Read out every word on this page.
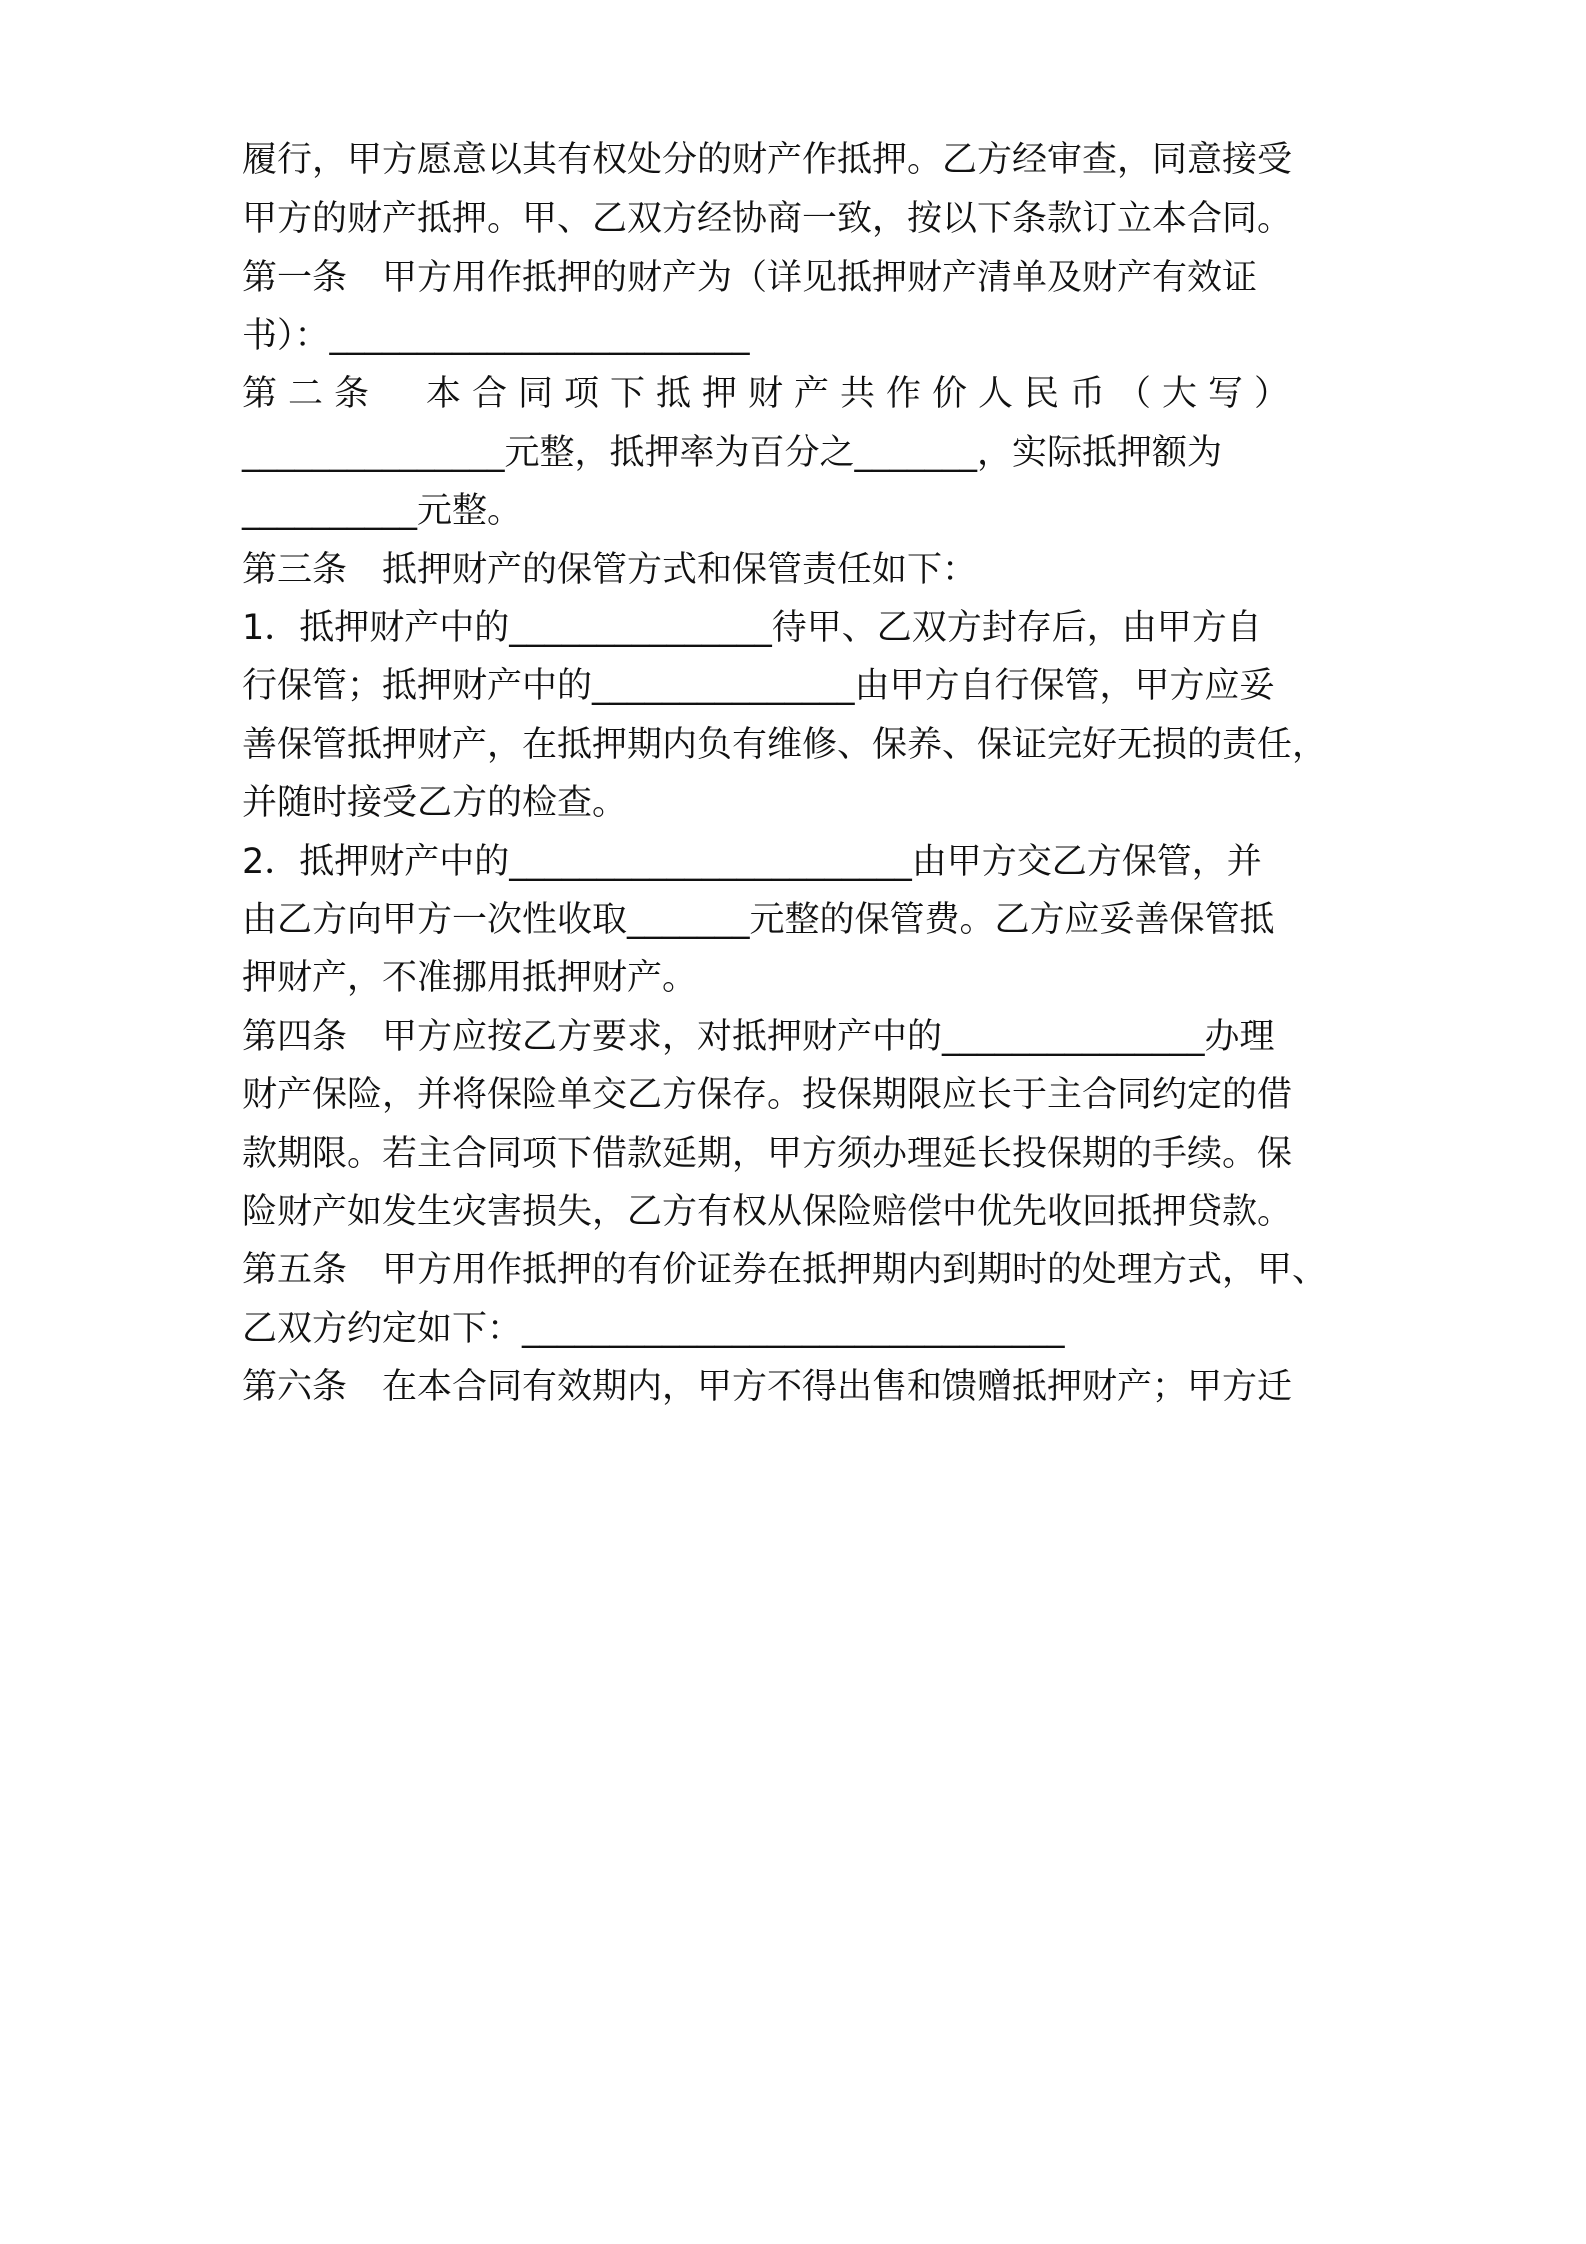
履行，甲方愿意以其有权处分的财产作抵押。乙方经审查，同意接受
甲方的财产抵押。甲、乙双方经协商一致，按以下条款订立本合同。
第一条　甲方用作抵押的财产为（详见抵押财产清单及财产有效证
书）：________________________
第二条　本合同项下抵押财产共作价人民币（大写）
_______________元整，抵押率为百分之_______，实际抵押额为
__________元整。
第三条　抵押财产的保管方式和保管责任如下：
1．抵押财产中的_______________待甲、乙双方封存后，由甲方自
行保管；抵押财产中的_______________由甲方自行保管，甲方应妥
善保管抵押财产，在抵押期内负有维修、保养、保证完好无损的责任，
并随时接受乙方的检查。
2．抵押财产中的_______________________由甲方交乙方保管，并
由乙方向甲方一次性收取_______元整的保管费。乙方应妥善保管抵
押财产，不准挪用抵押财产。
第四条　甲方应按乙方要求，对抵押财产中的_______________办理
财产保险，并将保险单交乙方保存。投保期限应长于主合同约定的借
款期限。若主合同项下借款延期，甲方须办理延长投保期的手续。保
险财产如发生灾害损失，乙方有权从保险赔偿中优先收回抵押贷款。
第五条　甲方用作抵押的有价证券在抵押期内到期时的处理方式，甲、
乙双方约定如下：_______________________________
第六条　在本合同有效期内，甲方不得出售和馈赠抵押财产；甲方迁
